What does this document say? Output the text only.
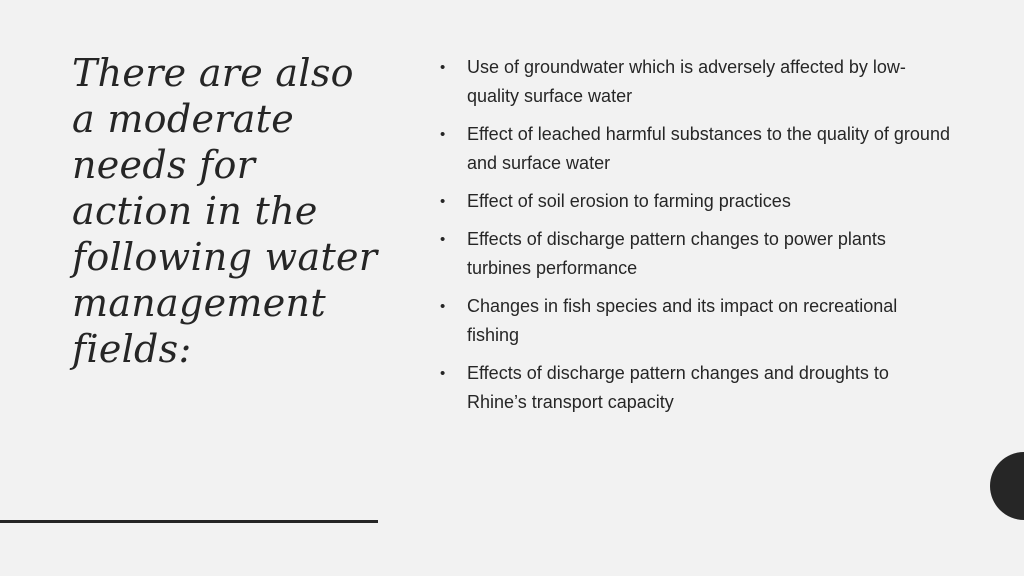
There are also
a moderate
needs for
action in the
following water
management
fields:
• Use of groundwater which is adversely affected by low-quality surface water
• Effect of leached harmful substances to the quality of ground and surface water
• Effect of soil erosion to farming practices
• Effects of discharge pattern changes to power plants turbines performance
• Changes in fish species and its impact on recreational fishing
• Effects of discharge pattern changes and droughts to Rhine’s transport capacity
